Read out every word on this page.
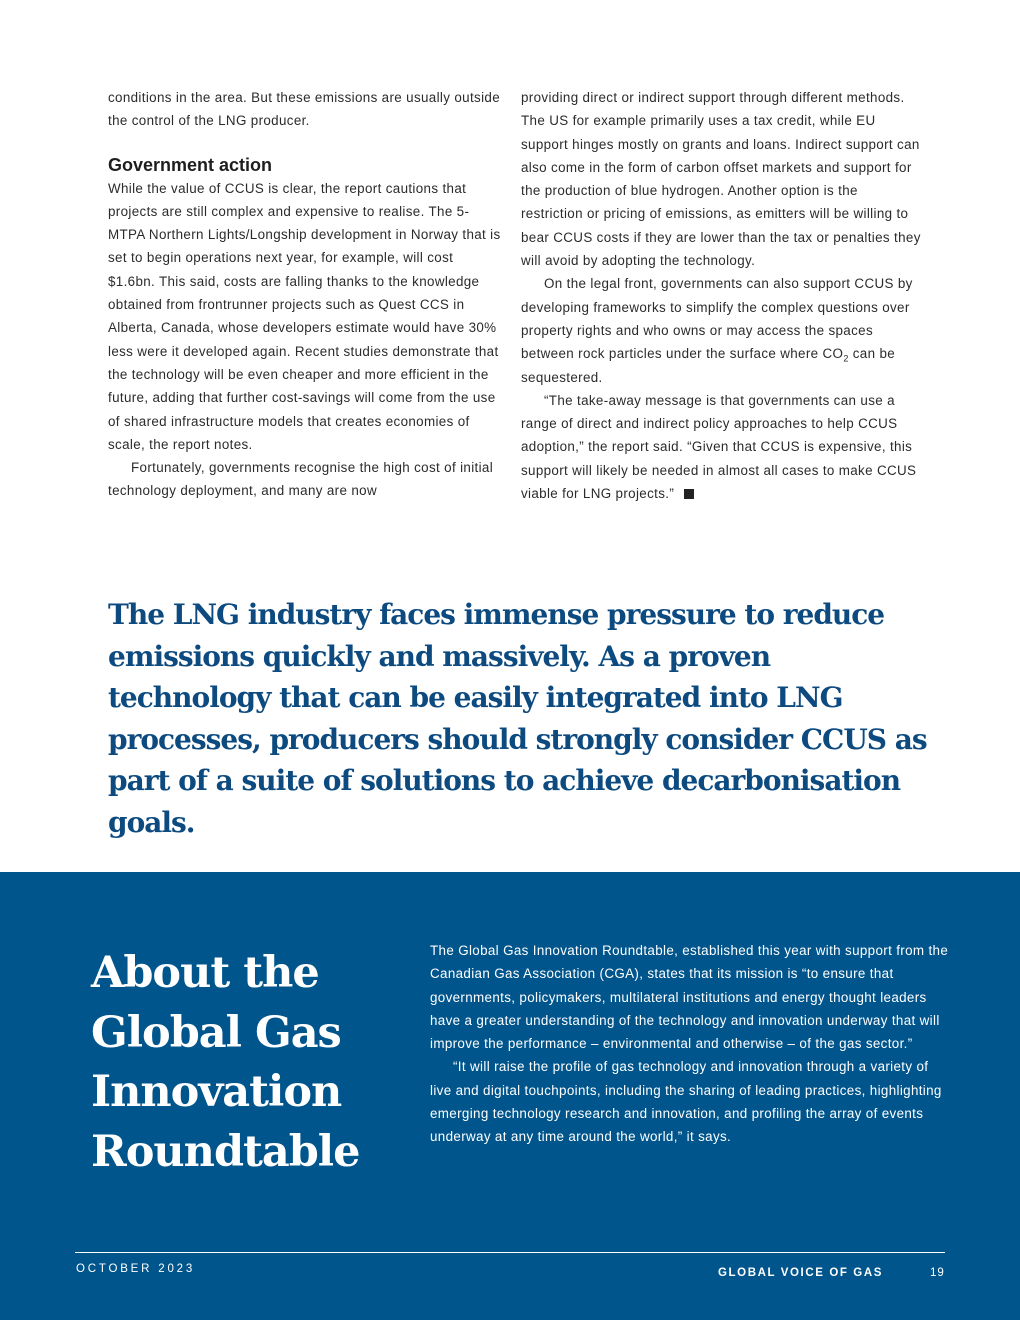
conditions in the area. But these emissions are usually outside the control of the LNG producer.

Government action

While the value of CCUS is clear, the report cautions that projects are still complex and expensive to realise. The 5-MTPA Northern Lights/Longship development in Norway that is set to begin operations next year, for example, will cost $1.6bn. This said, costs are falling thanks to the knowledge obtained from frontrunner projects such as Quest CCS in Alberta, Canada, whose developers estimate would have 30% less were it developed again. Recent studies demonstrate that the technology will be even cheaper and more efficient in the future, adding that further cost-savings will come from the use of shared infrastructure models that creates economies of scale, the report notes.

Fortunately, governments recognise the high cost of initial technology deployment, and many are now

providing direct or indirect support through different methods. The US for example primarily uses a tax credit, while EU support hinges mostly on grants and loans. Indirect support can also come in the form of carbon offset markets and support for the production of blue hydrogen. Another option is the restriction or pricing of emissions, as emitters will be willing to bear CCUS costs if they are lower than the tax or penalties they will avoid by adopting the technology.

On the legal front, governments can also support CCUS by developing frameworks to simplify the complex questions over property rights and who owns or may access the spaces between rock particles under the surface where $CO_2$ can be sequestered.

“The take-away message is that governments can use a range of direct and indirect policy approaches to help CCUS adoption,” the report said. “Given that CCUS is expensive, this support will likely be needed in almost all cases to make CCUS viable for LNG projects.”

The LNG industry faces immense pressure to reduce emissions quickly and massively. As a proven technology that can be easily integrated into LNG processes, producers should strongly consider CCUS as part of a suite of solutions to achieve decarbonisation goals.

About the Global Gas Innovation Roundtable

The Global Gas Innovation Roundtable, established this year with support from the Canadian Gas Association (CGA), states that its mission is “to ensure that governments, policymakers, multilateral institutions and energy thought leaders have a greater understanding of the technology and innovation underway that will improve the performance – environmental and otherwise – of the gas sector.”

“It will raise the profile of gas technology and innovation through a variety of live and digital touchpoints, including the sharing of leading practices, highlighting emerging technology research and innovation, and profiling the array of events underway at any time around the world,” it says.

OCTOBER 2023	GLOBAL VOICE OF GAS	19
